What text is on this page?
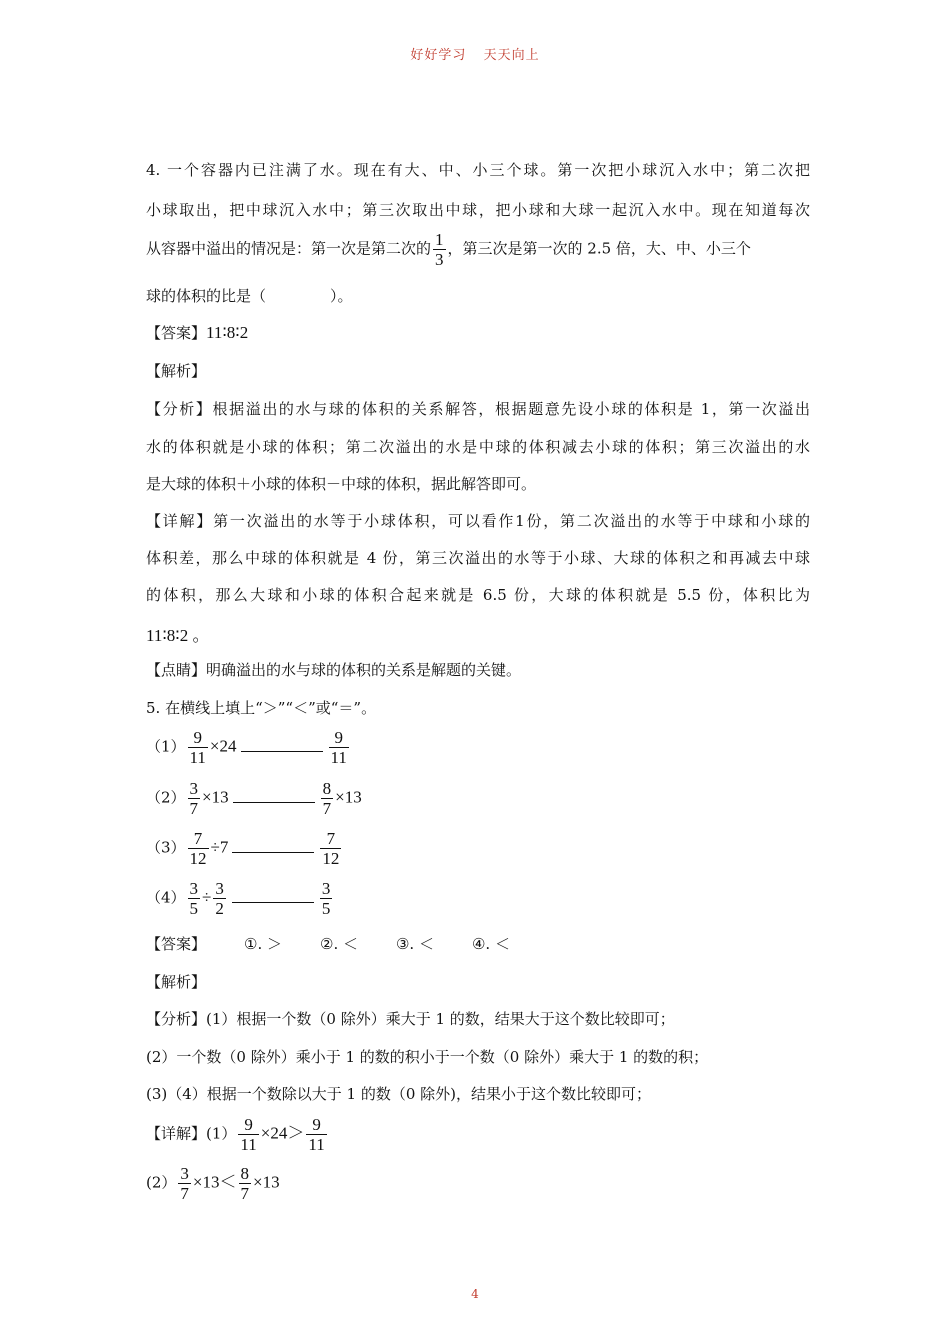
好好学习 天天向上
4. 一个容器内已注满了水。现在有大、中、小三个球。第一次把小球沉入水中；第二次把
小球取出，把中球沉入水中；第三次取出中球，把小球和大球一起沉入水中。现在知道每次
从容器中溢出的情况是：第一次是第二次的 $\frac{1}{3}$ ，第三次是第一次的 2.5 倍，大、中、小三个
球的体积的比是（	）。
【答案】11∶8∶2
【解析】
【分析】根据溢出的水与球的体积的关系解答，根据题意先设小球的体积是 1，第一次溢出
水的体积就是小球的体积；第二次溢出的水是中球的体积减去小球的体积；第三次溢出的水
是大球的体积＋小球的体积－中球的体积，据此解答即可。
【详解】第一次溢出的水等于小球体积，可以看作1份，第二次溢出的水等于中球和小球的
体积差，那么中球的体积就是 4 份，第三次溢出的水等于小球、大球的体积之和再减去中球
的体积，那么大球和小球的体积合起来就是 6.5 份，大球的体积就是 5.5 份，体积比为
11∶8∶2 。
【点睛】明确溢出的水与球的体积的关系是解题的关键。
5. 在横线上填上“＞”“＜”或“＝”。
$(1) \frac{9}{11} \times 24$	$\frac{9}{11}$
$(2) \frac{3}{7} \times 13$	$\frac{8}{7} \times 13$
$(3) \frac{7}{12} \div 7$	$\frac{7}{12}$
$(4) \frac{3}{5} \div \frac{3}{2}$	$\frac{3}{5}$
【答案】	①. ＞	②. ＜	③. ＜	④. ＜
【解析】
【分析】(1）根据一个数（0 除外）乘大于 1 的数，结果大于这个数比较即可；
(2）一个数（0 除外）乘小于 1 的数的积小于一个数（0 除外）乘大于 1 的数的积；
(3)（4）根据一个数除以大于 1 的数（0 除外)，结果小于这个数比较即可；
【详解】$(1) \frac{9}{11} \times 24> \frac{9}{11}$
$(2) \frac{3}{7} \times 13< \frac{8}{7} \times 13$
4
